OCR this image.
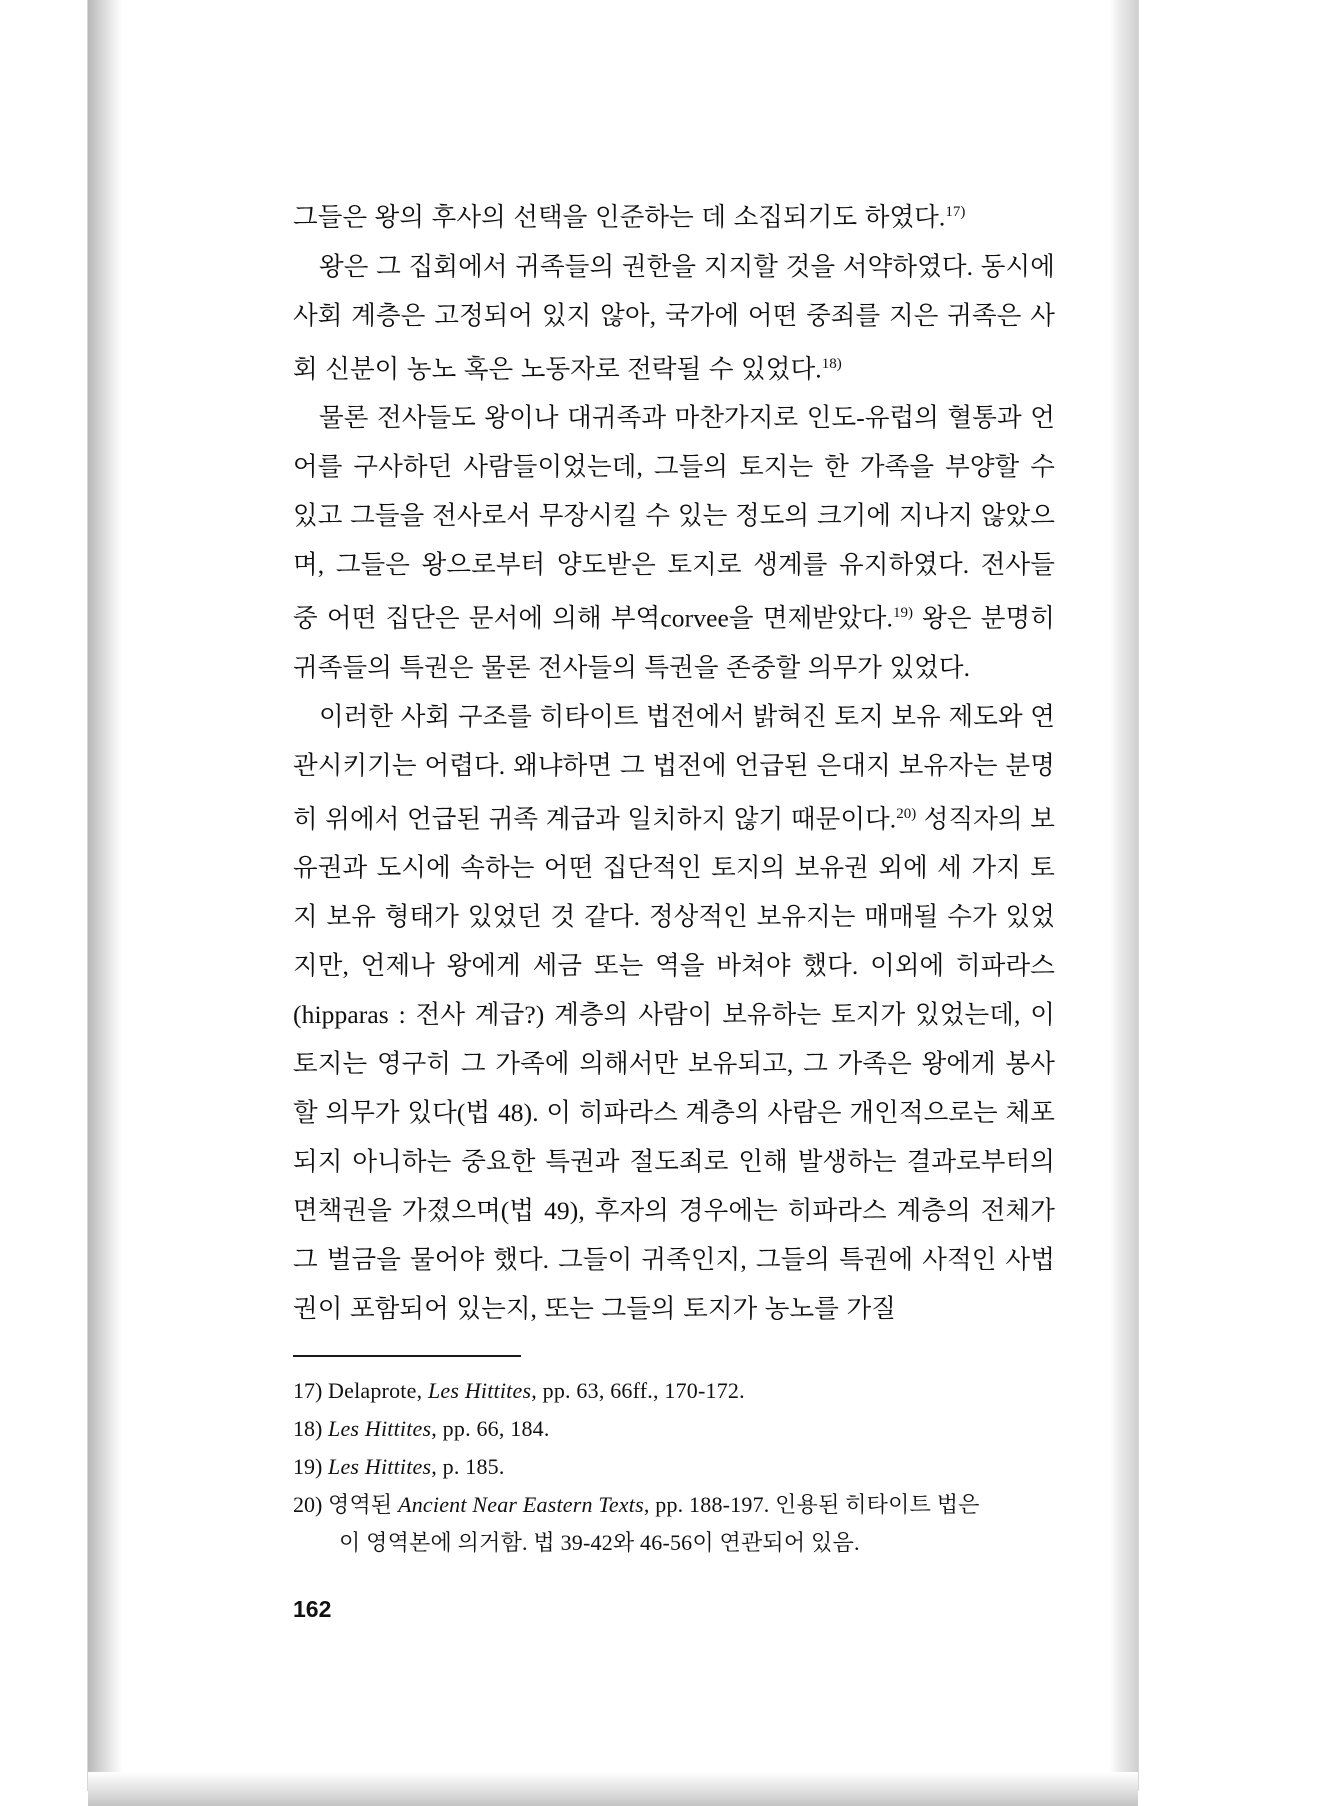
그들은 왕의 후사의 선택을 인준하는 데 소집되기도 하였다.$^{17}$ )

왕은 그 집회에서 귀족들의 권한을 지지할 것을 서약하였다. 동시에 사회 계층은 고정되어 있지 않아, 국가에 어떤 중죄를 지은 귀족은 사회 신분이 농노 혹은 노동자로 전락될 수 있었다.$^{18}$ )

물론 전사들도 왕이나 대귀족과 마찬가지로 인도-유럽의 혈통과 언어를 구사하던 사람들이었는데, 그들의 토지는 한 가족을 부양할 수 있고 그들을 전사로서 무장시킬 수 있는 정도의 크기에 지나지 않았으며, 그들은 왕으로부터 양도받은 토지로 생계를 유지하였다. 전사들 중 어떤 집단은 문서에 의해 부역corvee을 면제받았다.$^{19}$ ) 왕은 분명히 귀족들의 특권은 물론 전사들의 특권을 존중할 의무가 있었다.

이러한 사회 구조를 히타이트 법전에서 밝혀진 토지 보유 제도와 연관시키기는 어렵다. 왜냐하면 그 법전에 언급된 은대지 보유자는 분명히 위에서 언급된 귀족 계급과 일치하지 않기 때문이다.$^{20}$ ) 성직자의 보유권과 도시에 속하는 어떤 집단적인 토지의 보유권 외에 세 가지 토지 보유 형태가 있었던 것 같다. 정상적인 보유지는 매매될 수가 있었지만, 언제나 왕에게 세금 또는 역을 바쳐야 했다. 이외에 히파라스(hipparas : 전사 계급?) 계층의 사람이 보유하는 토지가 있었는데, 이 토지는 영구히 그 가족에 의해서만 보유되고, 그 가족은 왕에게 봉사할 의무가 있다(법 48). 이 히파라스 계층의 사람은 개인적으로는 체포되지 아니하는 중요한 특권과 절도죄로 인해 발생하는 결과로부터의 면책권을 가졌으며(법 49), 후자의 경우에는 히파라스 계층의 전체가 그 벌금을 물어야 했다. 그들이 귀족인지, 그들의 특권에 사적인 사법권이 포함되어 있는지, 또는 그들의 토지가 농노를 가질

17) Delaprote, Les Hittites, pp. 63, 66ff., 170-172.

18) Les Hittites, pp. 66, 184.

19) Les Hittites, p. 185.

20) 영역된 Ancient Near Eastern Texts, pp. 188-197. 인용된 히타이트 법은

이 영역본에 의거함. 법 39-42와 46-56이 연관되어 있음.

162
